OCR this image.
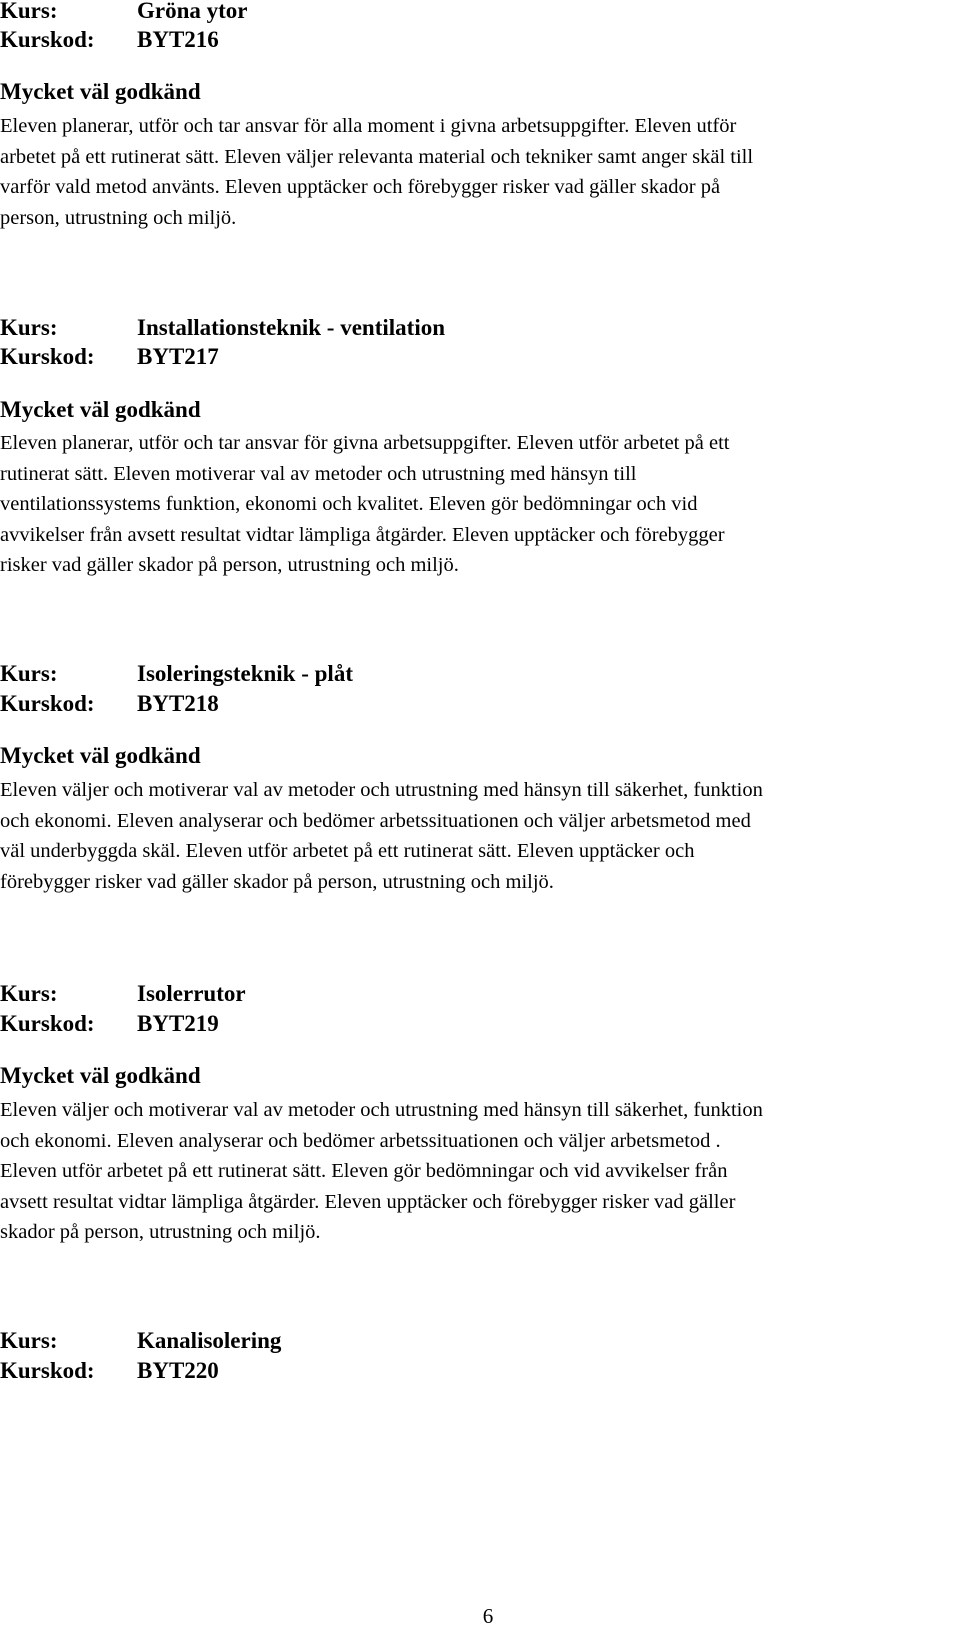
Kurs:	Gröna ytor
Kurskod: BYT216
Mycket väl godkänd
Eleven planerar, utför och tar ansvar för alla moment i givna arbetsuppgifter. Eleven utför
arbetet på ett rutinerat sätt. Eleven väljer relevanta material och tekniker samt anger skäl till
varför vald metod använts. Eleven upptäcker och förebygger risker vad gäller skador på
person, utrustning och miljö.
Kurs:	Installationsteknik - ventilation
Kurskod: BYT217
Mycket väl godkänd
Eleven planerar, utför och tar ansvar för givna arbetsuppgifter. Eleven utför arbetet på ett
rutinerat sätt. Eleven motiverar val av metoder och utrustning med hänsyn till
ventilationssystems funktion, ekonomi och kvalitet. Eleven gör bedömningar och vid
avvikelser från avsett resultat vidtar lämpliga åtgärder. Eleven upptäcker och förebygger
risker vad gäller skador på person, utrustning och miljö.
Kurs:	Isoleringsteknik - plåt
Kurskod: BYT218
Mycket väl godkänd
Eleven väljer och motiverar val av metoder och utrustning med hänsyn till säkerhet, funktion
och ekonomi. Eleven analyserar och bedömer arbetssituationen och väljer arbetsmetod med
väl underbyggda skäl. Eleven utför arbetet på ett rutinerat sätt. Eleven upptäcker och
förebygger risker vad gäller skador på person, utrustning och miljö.
Kurs:	Isolerrutor
Kurskod: BYT219
Mycket väl godkänd
Eleven väljer och motiverar val av metoder och utrustning med hänsyn till säkerhet, funktion
och ekonomi. Eleven analyserar och bedömer arbetssituationen och väljer arbetsmetod .
Eleven utför arbetet på ett rutinerat sätt. Eleven gör bedömningar och vid avvikelser från
avsett resultat vidtar lämpliga åtgärder. Eleven upptäcker och förebygger risker vad gäller
skador på person, utrustning och miljö.
Kurs:	Kanalisolering
Kurskod: BYT220
6
